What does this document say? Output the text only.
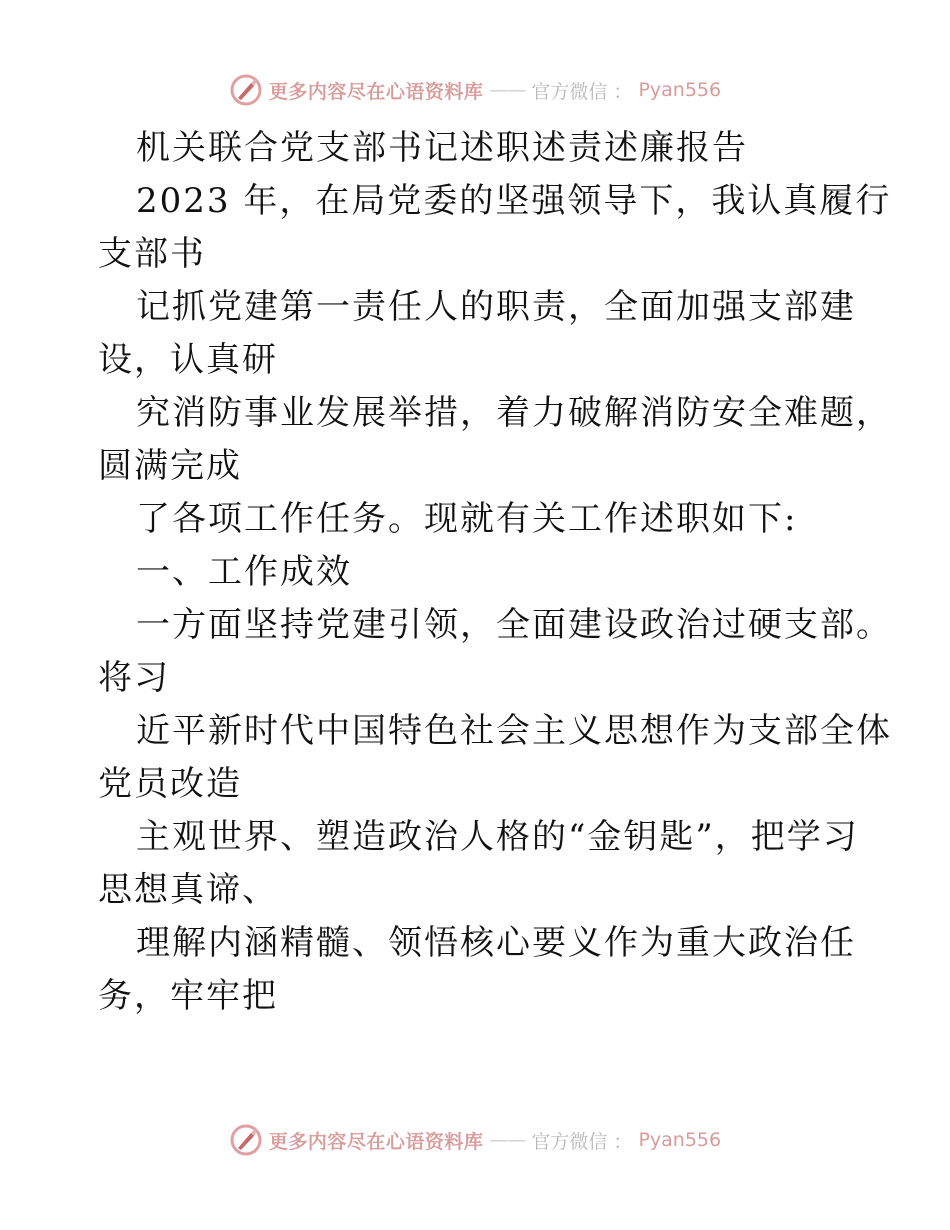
更多内容尽在心语资料库 —— 官方微信 ： Pyan556
机关联合党支部书记述职述责述廉报告
2023 年，在局党委的坚强领导下，我认真履行
支部书
记抓党建第一责任人的职责，全面加强支部建
设，认真研
究消防事业发展举措，着力破解消防安全难题，
圆满完成
了各项工作任务。现就有关工作述职如下:
一、工作成效
一方面坚持党建引领，全面建设政治过硬支部。
将习
近平新时代中国特色社会主义思想作为支部全体
党员改造
主观世界、塑造政治人格的“金钥匙”，把学习
思想真谛、
理解内涵精髓、领悟核心要义作为重大政治任
务，牢牢把
更多内容尽在心语资料库 —— 官方微信 ： Pyan556
